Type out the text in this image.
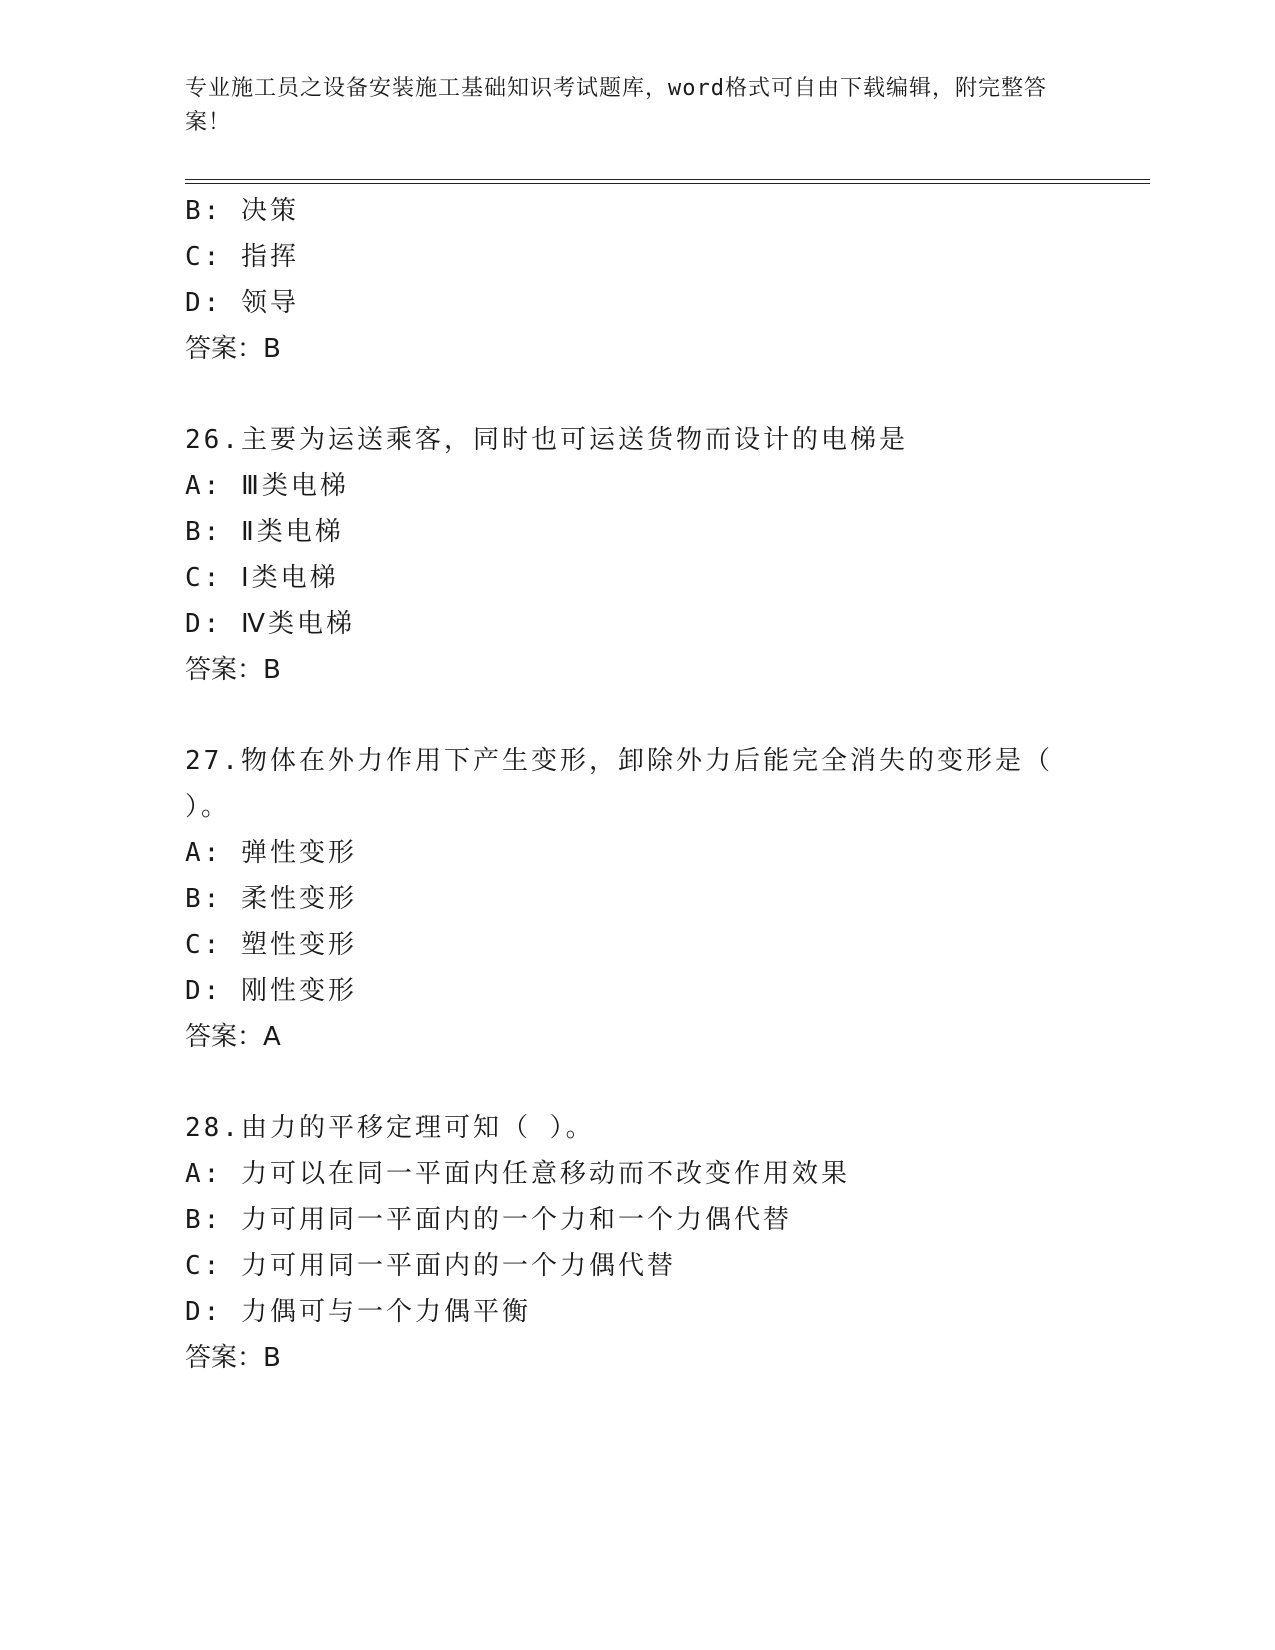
专业施工员之设备安装施工基础知识考试题库，word格式可自由下载编辑，附完整答案！
B: 决策
C: 指挥
D: 领导
答案：B
26.主要为运送乘客，同时也可运送货物而设计的电梯是
A: Ⅲ类电梯
B: Ⅱ类电梯
C: Ⅰ类电梯
D: Ⅳ类电梯
答案：B
27.物体在外力作用下产生变形，卸除外力后能完全消失的变形是（ ）。
A: 弹性变形
B: 柔性变形
C: 塑性变形
D: 刚性变形
答案：A
28.由力的平移定理可知（ ）。
A: 力可以在同一平面内任意移动而不改变作用效果
B: 力可用同一平面内的一个力和一个力偶代替
C: 力可用同一平面内的一个力偶代替
D: 力偶可与一个力偶平衡
答案：B
